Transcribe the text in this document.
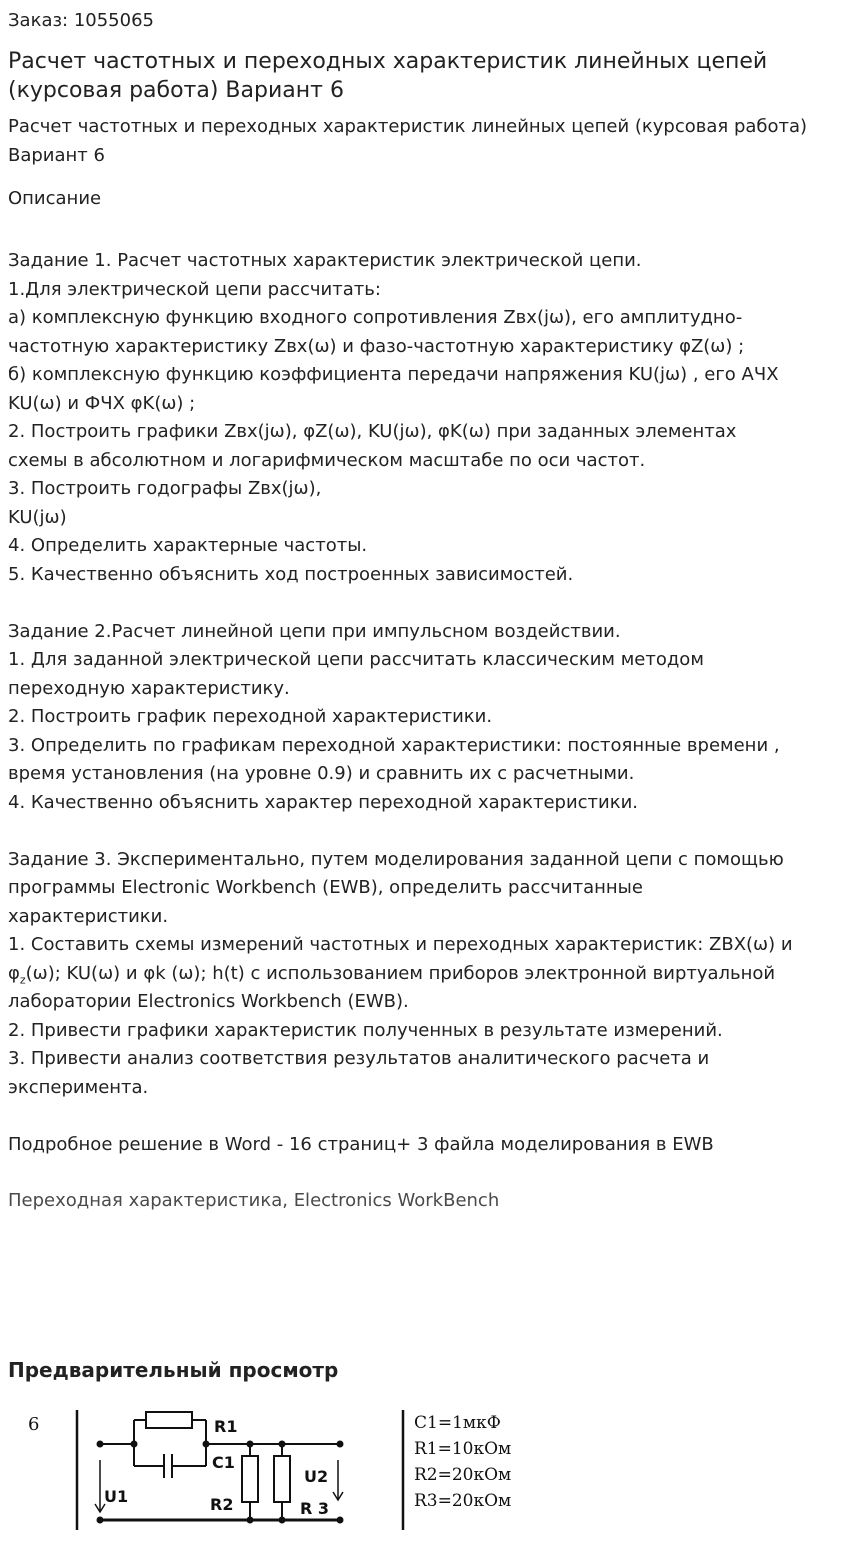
Заказ: 1055065
Расчет частотных и переходных характеристик линейных цепей (курсовая работа) Вариант 6

Расчет частотных и переходных характеристик линейных цепей (курсовая работа) Вариант 6

Описание
Задание 1. Расчет частотных характеристик электрической цепи.
1.Для электрической цепи рассчитать:
а) комплексную функцию входного сопротивления Zвх(jω), его амплитудно-
частотную характеристику Zвх(ω) и фазо-частотную характеристику φZ(ω) ;
б) комплексную функцию коэффициента передачи напряжения KU(jω) , его АЧХ
KU(ω) и ФЧХ φK(ω) ;
2. Построить графики Zвх(jω), φZ(ω), KU(jω), φK(ω) при заданных элементах
схемы в абсолютном и логарифмическом масштабе по оси частот.
3. Построить годографы Zвх(jω),
KU(jω)
4. Определить характерные частоты.
5. Качественно объяснить ход построенных зависимостей.
Задание 2.Расчет линейной цепи при импульсном воздействии.
1. Для заданной электрической цепи рассчитать классическим методом
переходную характеристику.
2. Построить график переходной характеристики.
3. Определить по графикам переходной характеристики: постоянные времени ,
время установления (на уровне 0.9) и сравнить их с расчетными.
4. Качественно объяснить характер переходной характеристики.
Задание 3. Экспериментально, путем моделирования заданной цепи с помощью
программы Electronic Workbench (EWB), определить рассчитанные
характеристики.
1. Составить схемы измерений частотных и переходных характеристик: ZВХ(ω) и
$\varphi_z(\omega)$; KU(ω) и φk (ω); h(t) с использованием приборов электронной виртуальной
лаборатории Electronics Workbench (EWB).
2. Привести графики характеристик полученных в результате измерений.
3. Привести анализ соответствия результатов аналитического расчета и
эксперимента.
Подробное решение в Word - 16 страниц+ 3 файла моделирования в EWB
Переходная характеристика, Electronics WorkBench
Предварительный просмотр
6	R1
C1
U1
U2
R2	R 3
C1=1мкФ
R1=10кОм
R2=20кОм
R3=20кОм
